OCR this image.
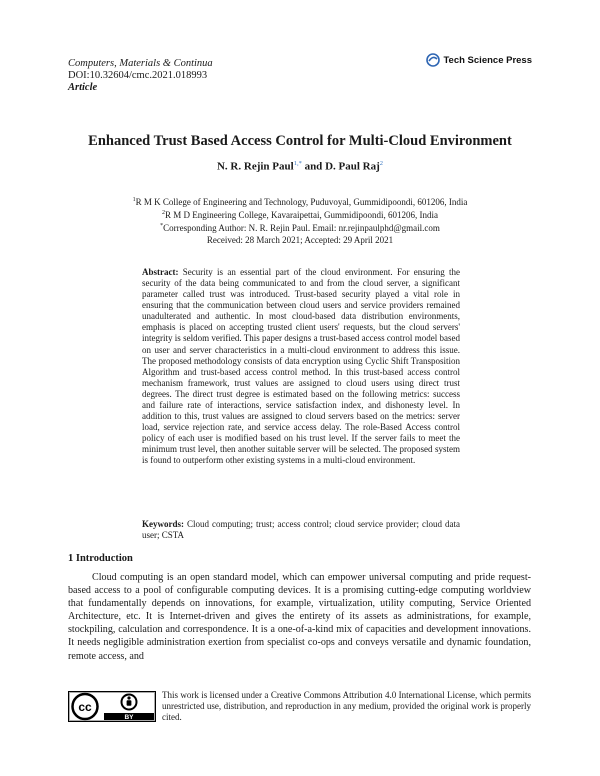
Computers, Materials & Continua
DOI:10.32604/cmc.2021.018993
Article
Tech Science Press
Enhanced Trust Based Access Control for Multi-Cloud Environment
N. R. Rejin Paul$^{1,*}$ and D. Paul Raj$^2$
$^1$R M K College of Engineering and Technology, Puduvoyal, Gummidipoondi, 601206, India
$^2$R M D Engineering College, Kavaraipettai, Gummidipoondi, 601206, India
*Corresponding Author: N. R. Rejin Paul. Email: nr.rejinpaulphd@gmail.com
Received: 28 March 2021; Accepted: 29 April 2021
Abstract: Security is an essential part of the cloud environment. For ensuring the security of the data being communicated to and from the cloud server, a significant parameter called trust was introduced. Trust-based security played a vital role in ensuring that the communication between cloud users and service providers remained unadulterated and authentic. In most cloud-based data distribution environments, emphasis is placed on accepting trusted client users' requests, but the cloud servers' integrity is seldom verified. This paper designs a trust-based access control model based on user and server characteristics in a multi-cloud environment to address this issue. The proposed methodology consists of data encryption using Cyclic Shift Transposition Algorithm and trust-based access control method. In this trust-based access control mechanism framework, trust values are assigned to cloud users using direct trust degrees. The direct trust degree is estimated based on the following metrics: success and failure rate of interactions, service satisfaction index, and dishonesty level. In addition to this, trust values are assigned to cloud servers based on the metrics: server load, service rejection rate, and service access delay. The role-Based Access control policy of each user is modified based on his trust level. If the server fails to meet the minimum trust level, then another suitable server will be selected. The proposed system is found to outperform other existing systems in a multi-cloud environment.
Keywords: Cloud computing; trust; access control; cloud service provider; cloud data user; CSTA
1 Introduction
Cloud computing is an open standard model, which can empower universal computing and pride request-based access to a pool of configurable computing devices. It is a promising cutting-edge computing worldview that fundamentally depends on innovations, for example, virtualization, utility computing, Service Oriented Architecture, etc. It is Internet-driven and gives the entirety of its assets as administrations, for example, stockpiling, calculation and correspondence. It is a one-of-a-kind mix of capacities and development innovations. It needs negligible administration exertion from specialist co-ops and conveys versatile and dynamic foundation, remote access, and
cc
BY
This work is licensed under a Creative Commons Attribution 4.0 International License, which permits unrestricted use, distribution, and reproduction in any medium, provided the original work is properly cited.
